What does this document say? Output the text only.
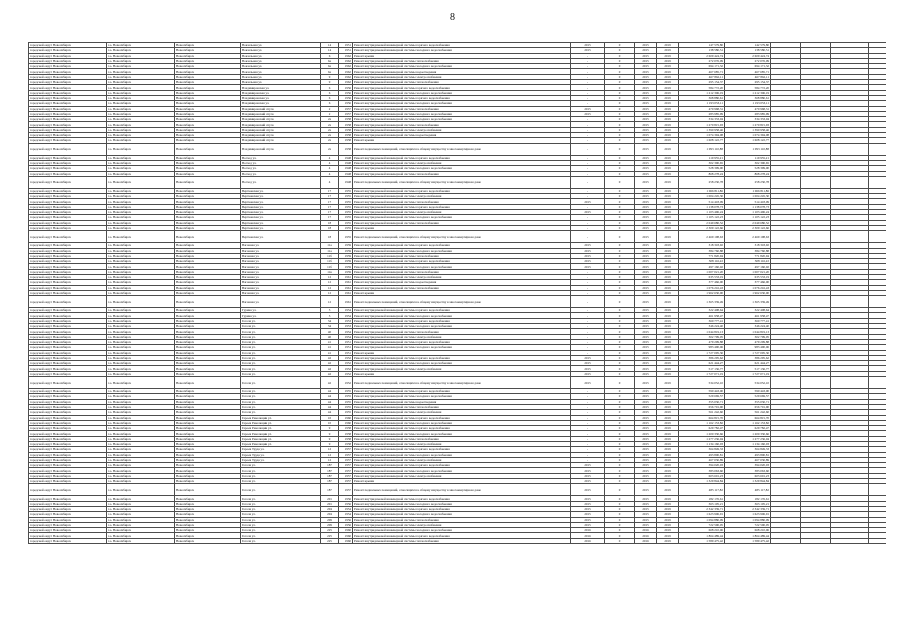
8
городской округ Новосибирск	г.о. Новосибирск	Новосибирск	Вокзальная ул.	14	1951	Ремонт внутридомовой инженерной системы горячего водоснабжения	2015	0	2015	2019	147 579,80	142 579,80				
городской округ Новосибирск	г.о. Новосибирск	Новосибирск	Вокзальная ул.	14	1951	Ремонт внутридомовой инженерной системы холодного водоснабжения	2015	0	2015	2019	138 580,51	138 580,51				
городской округ Новосибирск	г.о. Новосибирск	Новосибирск	Вокзальная ул.	6	1962	Ремонт крыши	-	0	2015	2019	2 609 424,74	2 609 424,74				
городской округ Новосибирск	г.о. Новосибирск	Новосибирск	Вокзальная ул.	6а	1962	Ремонт внутридомовой инженерной системы теплоснабжения	-	0	2015	2019	272 076,09	272 076,09				
городской округ Новосибирск	г.о. Новосибирск	Новосибирск	Вокзальная ул.	6а	1962	Ремонт внутридомовой инженерной системы холодного водоснабжения	-	0	2015	2019	694 171,32	694 171,32				
городской округ Новосибирск	г.о. Новосибирск	Новосибирск	Вокзальная ул.	6а	1962	Ремонт внутридомовой инженерной системы водоотведения	-	0	2015	2019	467 685,71	467 685,71				
городской округ Новосибирск	г.о. Новосибирск	Новосибирск	Вокзальная ул.	9	1962	Ремонт внутридомовой инженерной системы электроснабжения	-	0	2015	2019	467 862,11	467 862,11				
городской округ Новосибирск	г.о. Новосибирск	Новосибирск	Вокзальная ул.	9	1962	Ремонт внутридомовой инженерной системы теплоснабжения	-	0	2015	2019	295 154,37	295 154,37				
городской округ Новосибирск	г.о. Новосибирск	Новосибирск	Владимировская ул.	6	1956	Ремонт внутридомовой инженерной системы горячего водоснабжения	-	0	2015	2019	584 772,20	584 772,20				
городской округ Новосибирск	г.о. Новосибирск	Новосибирск	Владимировская ул.	6	1956	Ремонт внутридомовой инженерной системы холодного водоснабжения	-	0	2015	2019	1 212 306,19	1 212 306,19				
городской округ Новосибирск	г.о. Новосибирск	Новосибирск	Владимировская ул.	6	1956	Ремонт внутридомовой инженерной системы горячего водоснабжения	-	0	2015	2019	368 880,61	368 880,61				
городской округ Новосибирск	г.о. Новосибирск	Новосибирск	Владимировская ул.	6	1956	Ремонт внутридомовой инженерной системы холодного водоснабжения	-	0	2015	2019	1 193 053,11	1 193 053,11				
городской округ Новосибирск	г.о. Новосибирск	Новосибирск	Владимировский спуск	2	1957	Ремонт внутридомовой инженерной системы теплоснабжения	2015	0	2015	2019	470 968,31	470 968,31				
городской округ Новосибирск	г.о. Новосибирск	Новосибирск	Владимировский спуск	2	1957	Ремонт внутридомовой инженерной системы холодного водоснабжения	2015	0	2015	2019	283 985,99	283 985,99				
городской округ Новосибирск	г.о. Новосибирск	Новосибирск	Владимировский спуск	2а	1958	Ремонт внутридомовой инженерной системы холодного водоснабжения	-	0	2015	2019	334 333,04	334 333,04				
городской округ Новосибирск	г.о. Новосибирск	Новосибирск	Владимировский спуск	2а	1958	Ремонт внутридомовой инженерной системы теплоснабжения	-	0	2015	2019	1 270 815,93	1 270 815,93				
городской округ Новосибирск	г.о. Новосибирск	Новосибирск	Владимировский спуск	2а	1958	Ремонт внутридомовой инженерной системы электроснабжения	-	0	2015	2019	1 390 958,46	1 390 958,46				
городской округ Новосибирск	г.о. Новосибирск	Новосибирск	Владимировский спуск	2а	1958	Ремонт внутридомовой инженерной системы водоотведения	-	0	2015	2019	1 074 394,08	1 074 394,08				
городской округ Новосибирск	г.о. Новосибирск	Новосибирск	Владимировский спуск	2а	1958	Ремонт крыши	-	0	2015	2019	1 608 122,77	1 608 122,77				
городской округ Новосибирск	г.о. Новосибирск	Новосибирск	Владимировский спуск	2а	1958	Ремонт подвальных помещений, относящихся к общему имуществу в многоквартирном доме	-	0	2015	2019	1 093 110,88	1 093 110,88				
городской округ Новосибирск	г.о. Новосибирск	Новосибирск	Восход ул.	4	1948	Ремонт внутридомовой инженерной системы горячего водоснабжения	-	0	2015	2019	119 955,21	119 955,21				
городской округ Новосибирск	г.о. Новосибирск	Новосибирск	Восход ул.	4	1948	Ремонт внутридомовой инженерной системы электроснабжения	-	0	2015	2019	302 390,65	302 390,65				
городской округ Новосибирск	г.о. Новосибирск	Новосибирск	Восход ул.	4	1948	Ремонт внутридомовой инженерной системы холодного водоснабжения	-	0	2015	2019	528 399,00	528 399,00				
городской округ Новосибирск	г.о. Новосибирск	Новосибирск	Восход ул.	4	1948	Ремонт внутридомовой инженерной системы теплоснабжения	-	0	2015	2019	868 278,24	868 278,24				
городской округ Новосибирск	г.о. Новосибирск	Новосибирск	Восход ул.	4	1948	Ремонт подвальных помещений, относящихся к общему имуществу в многоквартирном доме	-	0	2015	2019	258 230,78	258 230,78				
городской округ Новосибирск	г.о. Новосибирск	Новосибирск	Вертковская ул.	17	1955	Ремонт внутридомовой инженерной системы горячего водоснабжения	-	0	2015	2019	1 066 811,86	1 066 811,86				
городской округ Новосибирск	г.о. Новосибирск	Новосибирск	Вертковская ул.	17	1955	Ремонт внутридомовой инженерной системы электроснабжения	-	0	2015	2019	1 004 245,30	1 004 245,30				
городской округ Новосибирск	г.о. Новосибирск	Новосибирск	Вертковская ул.	17	1955	Ремонт внутридомовой инженерной системы теплоснабжения	2015	0	2015	2019	514 418,09	514 418,09				
городской округ Новосибирск	г.о. Новосибирск	Новосибирск	Вертковская ул.	17	1955	Ремонт внутридомовой инженерной системы горячего водоснабжения	-	0	2015	2019	1 138 078,73	1 138 078,73				
городской округ Новосибирск	г.о. Новосибирск	Новосибирск	Вертковская ул.	17	1955	Ремонт внутридомовой инженерной системы электроснабжения	2015	0	2015	2019	1 103 496,24	1 103 496,24				
городской округ Новосибирск	г.о. Новосибирск	Новосибирск	Вертковская ул.	17	1955	Ремонт внутридомовой инженерной системы холодного водоснабжения	-	0	2015	2019	1 105 122,23	1 105 122,23				
городской округ Новосибирск	г.о. Новосибирск	Новосибирск	Вертковская ул.	18	1955	Ремонт внутридомовой инженерной системы теплоснабжения	-	0	2015	2019	2 049 680,52	2 049 680,52				
городской округ Новосибирск	г.о. Новосибирск	Новосибирск	Вертковская ул.	18	1955	Ремонт крыши	-	0	2015	2019	2 309 122,66	2 309 122,66				
городской округ Новосибирск	г.о. Новосибирск	Новосибирск	Вертковская ул.	18	1955	Ремонт подвальных помещений, относящихся к общему имуществу в многоквартирном доме	-	0	2015	2019	2 469 198,63	2 469 198,63				
городской округ Новосибирск	г.о. Новосибирск	Новосибирск	Вагонная ул.	11а	1959	Ремонт внутридомовой инженерной системы горячего водоснабжения	2015	0	2015	2019	318 318,92	318 318,92				
городской округ Новосибирск	г.о. Новосибирск	Новосибирск	Вагонная ул.	11а	1959	Ремонт внутридомовой инженерной системы холодного водоснабжения	2015	0	2015	2019	384 760,88	384 760,88				
городской округ Новосибирск	г.о. Новосибирск	Новосибирск	Вагонная ул.	11б	1959	Ремонт внутридомовой инженерной системы теплоснабжения	2015	0	2015	2019	771 820,94	771 820,94				
городской округ Новосибирск	г.о. Новосибирск	Новосибирск	Вагонная ул.	11б	1959	Ремонт внутридомовой инженерной системы горячего водоснабжения	2015	0	2015	2019	308 116,22	308 116,22				
городской округ Новосибирск	г.о. Новосибирск	Новосибирск	Вагонная ул.	11б	1959	Ремонт внутридомовой инженерной системы холодного водоснабжения	2015	0	2015	2019	497 160,02	497 160,02				
городской округ Новосибирск	г.о. Новосибирск	Новосибирск	Вагонная ул.	11в	1959	Ремонт внутридомовой инженерной системы теплоснабжения	-	0	2015	2019	1 007 021,20	1 007 021,20				
городской округ Новосибирск	г.о. Новосибирск	Новосибирск	Вагонная ул.	12	1961	Ремонт внутридомовой инженерной системы электроснабжения	-	0	2015	2019	635 533,19	635 533,19				
городской округ Новосибирск	г.о. Новосибирск	Новосибирск	Вагонная ул.	12	1961	Ремонт внутридомовой инженерной системы водоотведения	-	0	2015	2019	377 466,00	377 466,00				
городской округ Новосибирск	г.о. Новосибирск	Новосибирск	Вагонная ул.	12	1961	Ремонт внутридомовой инженерной системы теплоснабжения	-	0	2015	2019	1 076 216,43	1 076 216,43				
городской округ Новосибирск	г.о. Новосибирск	Новосибирск	Вагонная ул.	12	1961	Ремонт крыши	-	0	2015	2019	1 962 630,00	1 962 630,00				
городской округ Новосибирск	г.о. Новосибирск	Новосибирск	Вагонная ул.	12	1961	Ремонт подвальных помещений, относящихся к общему имуществу в многоквартирном доме	-	0	2015	2019	1 365 339,49	1 365 339,49				
городской округ Новосибирск	г.о. Новосибирск	Новосибирск	Гурина ул.	3	1954	Ремонт внутридомовой инженерной системы горячего водоснабжения	-	0	2015	2019	322 408,64	322 408,64				
городской округ Новосибирск	г.о. Новосибирск	Новосибирск	Гурина ул.	3	1954	Ремонт внутридомовой инженерной системы холодного водоснабжения	-	0	2015	2019	461 958,47	461 958,47				
городской округ Новосибирск	г.о. Новосибирск	Новосибирск	Гоголя ул.	34	1953	Ремонт внутридомовой инженерной системы горячего водоснабжения	-	0	2015	2019	360 777,41	360 777,41				
городской округ Новосибирск	г.о. Новосибирск	Новосибирск	Гоголя ул.	34	1953	Ремонт внутридомовой инженерной системы холодного водоснабжения	-	0	2015	2019	346 224,40	346 224,40				
городской округ Новосибирск	г.о. Новосибирск	Новосибирск	Гоголя ул.	40	1954	Ремонт внутридомовой инженерной системы теплоснабжения	-	0	2015	2019	1 044 819,13	1 044 819,13				
городской округ Новосибирск	г.о. Новосибирск	Новосибирск	Гоголя ул.	40	1954	Ремонт внутридомовой инженерной системы электроснабжения	-	0	2015	2019	302 799,05	302 799,05				
городской округ Новосибирск	г.о. Новосибирск	Новосибирск	Гоголя ул.	41	1951	Ремонт внутридомовой инженерной системы горячего водоснабжения	-	0	2015	2019	479 299,88	479 299,88				
городской округ Новосибирск	г.о. Новосибирск	Новосибирск	Гоголя ул.	41	1951	Ремонт внутридомовой инженерной системы холодного водоснабжения	-	0	2015	2019	983 490,06	983 490,06				
городской округ Новосибирск	г.о. Новосибирск	Новосибирск	Гоголя ул.	41	1951	Ремонт крыши	-	0	2015	2019	1 727 095,30	1 727 095,30				
городской округ Новосибирск	г.о. Новосибирск	Новосибирск	Гоголя ул.	42	1952	Ремонт внутридомовой инженерной системы горячего водоснабжения	2015	0	2015	2019	386 295,62	386 295,62				
городской округ Новосибирск	г.о. Новосибирск	Новосибирск	Гоголя ул.	42	1952	Ремонт внутридомовой инженерной системы холодного водоснабжения	2015	0	2015	2019	621 444,27	621 444,27				
городской округ Новосибирск	г.о. Новосибирск	Новосибирск	Гоголя ул.	42	1952	Ремонт внутридомовой инженерной системы электроснабжения	2015	0	2015	2019	517 136,77	517 136,77				
городской округ Новосибирск	г.о. Новосибирск	Новосибирск	Гоголя ул.	42	1952	Ремонт крыши	2015	0	2015	2019	1 727 071,19	1 727 071,19				
городской округ Новосибирск	г.о. Новосибирск	Новосибирск	Гоголя ул.	42	1952	Ремонт подвальных помещений, относящихся к общему имуществу в многоквартирном доме	2015	0	2015	2019	534 052,10	534 052,10				
городской округ Новосибирск	г.о. Новосибирск	Новосибирск	Гоголя ул.	44	1955	Ремонт внутридомовой инженерной системы горячего водоснабжения	-	0	2015	2019	590 443,00	590 443,00				
городской округ Новосибирск	г.о. Новосибирск	Новосибирск	Гоголя ул.	44	1955	Ремонт внутридомовой инженерной системы холодного водоснабжения	-	0	2015	2019	529 669,57	529 669,57				
городской округ Новосибирск	г.о. Новосибирск	Новосибирск	Гоголя ул.	44	1955	Ремонт внутридомовой инженерной системы водоотведения	-	0	2015	2019	355 030,71	355 030,71				
городской округ Новосибирск	г.о. Новосибирск	Новосибирск	Гоголя ул.	44	1955	Ремонт внутридомовой инженерной системы теплоснабжения	-	0	2015	2019	656 701,90	656 701,90				
городской округ Новосибирск	г.о. Новосибирск	Новосибирск	Гоголя ул.	44	1955	Ремонт внутридомовой инженерной системы электроснабжения	-	0	2015	2019	561 242,60	561 242,60				
городской округ Новосибирск	г.о. Новосибирск	Новосибирск	Героев Революции ул.	10	1960	Ремонт внутридомовой инженерной системы горячего водоснабжения	-	0	2015	2019	664 815,70	664 815,70				
городской округ Новосибирск	г.о. Новосибирск	Новосибирск	Героев Революции ул.	10	1960	Ремонт внутридомовой инженерной системы холодного водоснабжения	-	0	2015	2019	1 162 153,82	1 162 153,82				
городской округ Новосибирск	г.о. Новосибирск	Новосибирск	Героев Революции ул.	9	1958	Ремонт внутридомовой инженерной системы горячего водоснабжения	-	0	2015	2019	629 782,47	629 782,47				
городской округ Новосибирск	г.о. Новосибирск	Новосибирск	Героев Революции ул.	9	1958	Ремонт внутридомовой инженерной системы холодного водоснабжения	-	0	2015	2019	1 200 330,66	1 200 330,66				
городской округ Новосибирск	г.о. Новосибирск	Новосибирск	Героев Революции ул.	9	1958	Ремонт внутридомовой инженерной системы теплоснабжения	-	0	2015	2019	1 277 236,04	1 277 236,04				
городской округ Новосибирск	г.о. Новосибирск	Новосибирск	Героев Революции ул.	9	1958	Ремонт внутридомовой инженерной системы электроснабжения	-	0	2015	2019	1 134 160,03	1 134 160,03				
городской округ Новосибирск	г.о. Новосибирск	Новосибирск	Героев Труда ул.	12	1957	Ремонт внутридомовой инженерной системы горячего водоснабжения	-	0	2015	2019	364 849,33	364 849,33				
городской округ Новосибирск	г.о. Новосибирск	Новосибирск	Героев Труда ул.	12	1957	Ремонт внутридомовой инженерной системы холодного водоснабжения	-	0	2015	2019	493 800,81	493 800,81				
городской округ Новосибирск	г.о. Новосибирск	Новосибирск	Героев Труда ул.	12	1957	Ремонт внутридомовой инженерной системы электроснабжения	-	0	2015	2019	467 030,89	467 030,89				
городской округ Новосибирск	г.о. Новосибирск	Новосибирск	Гоголя ул.	187	1957	Ремонт внутридомовой инженерной системы горячего водоснабжения	2015	0	2015	2019	394 020,03	394 020,03				
городской округ Новосибирск	г.о. Новосибирск	Новосибирск	Гоголя ул.	187	1957	Ремонт внутридомовой инженерной системы холодного водоснабжения	2015	0	2015	2019	383 063,60	383 063,60				
городской округ Новосибирск	г.о. Новосибирск	Новосибирск	Гоголя ул.	187	1957	Ремонт внутридомовой инженерной системы электроснабжения	2015	0	2015	2019	603 601,23	603 601,23				
городской округ Новосибирск	г.о. Новосибирск	Новосибирск	Гоголя ул.	187	1957	Ремонт крыши	2015	0	2015	2019	1 329 844,84	1 329 844,84				
городской округ Новосибирск	г.о. Новосибирск	Новосибирск	Гоголя ул.	187	1957	Ремонт подвальных помещений, относящихся к общему имуществу в многоквартирном доме	2015	0	2015	2019	485 117,82	485 117,82				
городской округ Новосибирск	г.о. Новосибирск	Новосибирск	Гоголя ул.	201	1956	Ремонт внутридомовой инженерной системы горячего водоснабжения	2015	0	2015	2019	182 176,61	182 176,61				
городской округ Новосибирск	г.о. Новосибирск	Новосибирск	Гоголя ул.	201	1956	Ремонт внутридомовой инженерной системы холодного водоснабжения	2015	0	2015	2019	363 105,21	363 105,21				
городской округ Новосибирск	г.о. Новосибирск	Новосибирск	Гоголя ул.	204	1954	Ремонт внутридомовой инженерной системы горячего водоснабжения	2015	0	2015	2019	2 342 339,71	2 342 339,71				
городской округ Новосибирск	г.о. Новосибирск	Новосибирск	Гоголя ул.	204	1954	Ремонт внутридомовой инженерной системы холодного водоснабжения	2015	0	2015	2019	1 623 906,91	1 623 906,91				
городской округ Новосибирск	г.о. Новосибирск	Новосибирск	Гоголя ул.	209	1956	Ремонт внутридомовой инженерной системы теплоснабжения	2015	0	2015	2019	1 094 880,09	1 094 880,09				
городской округ Новосибирск	г.о. Новосибирск	Новосибирск	Гоголя ул.	209	1956	Ремонт внутридомовой инженерной системы электроснабжения	2015	0	2015	2019	722 590,05	722 590,05				
городской округ Новосибирск	г.о. Новосибирск	Новосибирск	Гоголя ул.	225	1960	Ремонт внутридомовой инженерной системы холодного водоснабжения	2016	0	2016	2019	668 210,06	668 210,06				
городской округ Новосибирск	г.о. Новосибирск	Новосибирск	Гоголя ул.	225	1960	Ремонт внутридомовой инженерной системы горячего водоснабжения	2016	0	2016	2019	1 864 489,44	1 864 489,44				
городской округ Новосибирск	г.о. Новосибирск	Новосибирск	Гоголя ул.	225	1960	Ремонт внутридомовой инженерной системы теплоснабжения	2016	0	2016	2019	1 589 475,42	1 589 475,42				
